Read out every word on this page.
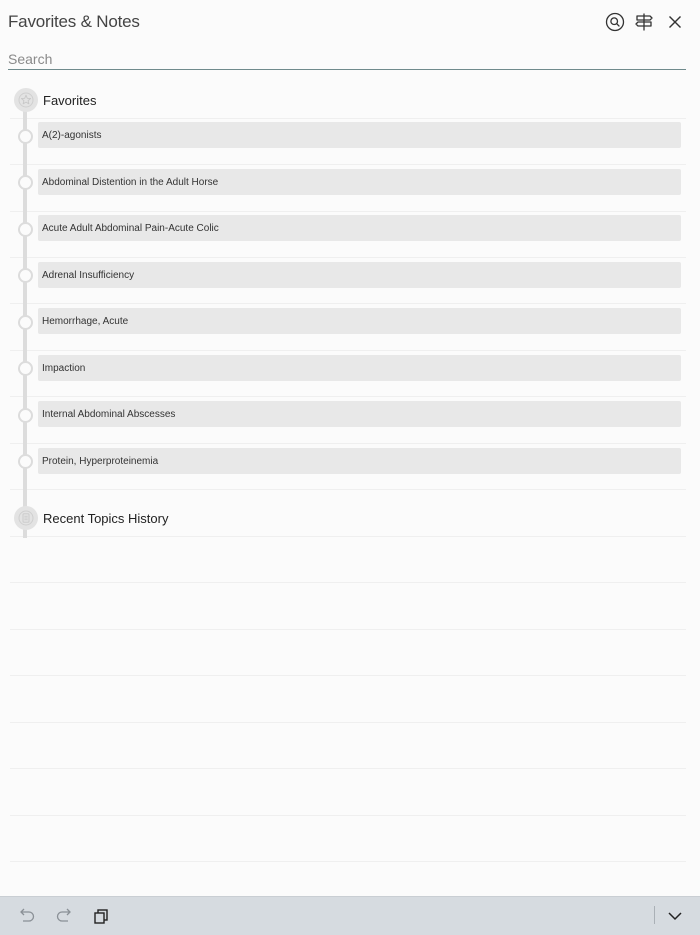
Favorites & Notes
Search
Favorites
A(2)-agonists
Abdominal Distention in the Adult Horse
Acute Adult Abdominal Pain-Acute Colic
Adrenal Insufficiency
Hemorrhage, Acute
Impaction
Internal Abdominal Abscesses
Protein, Hyperproteinemia
Recent Topics History
